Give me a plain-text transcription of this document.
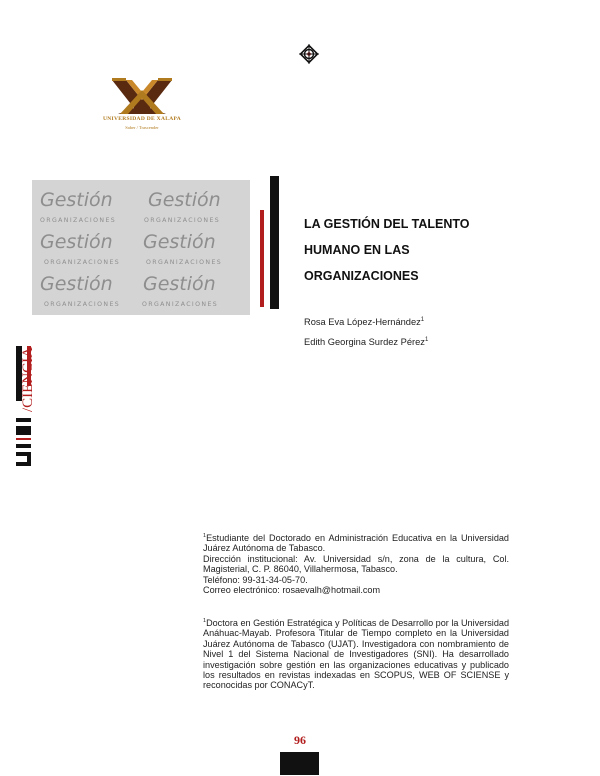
UNIVERSIDAD DE XALAPA
Saber / Trascender
Gestión Gestión
ORGANIZACIONES	ORGANIZACIONES
Gestión Gestión
ORGANIZACIONES	ORGANIZACIONES
Gestión Gestión
ORGANIZACIONES	ORGANIZACIONES
LA GESTIÓN DEL TALENTO
HUMANO EN LAS
ORGANIZACIONES
Rosa Eva López-Hernández$^1$
Edith Georgina Surdez Pérez$^1$
/CIENCIA

$^1$Estudiante del Doctorado en Administración Educativa en la Universidad Juárez Autónoma de Tabasco.

Dirección institucional: Av. Universidad s/n, zona de la cultura, Col. Magisterial, C. P. 86040, Villahermosa, Tabasco.

Teléfono: 99-31-34-05-70.

Correo electrónico: rosaevalh@hotmail.com

$^1$Doctora en Gestión Estratégica y Políticas de Desarrollo por la Universidad Anáhuac-Mayab. Profesora Titular de Tiempo completo en la Universidad Juárez Autónoma de Tabasco (UJAT). Investigadora con nombramiento de Nivel 1 del Sistema Nacional de Investigadores (SNI). Ha desarrollado investigación sobre gestión en las organizaciones educativas y publicado los resultados en revistas indexadas en SCOPUS, WEB OF SCIENSE y reconocidas por CONACyT.

96
